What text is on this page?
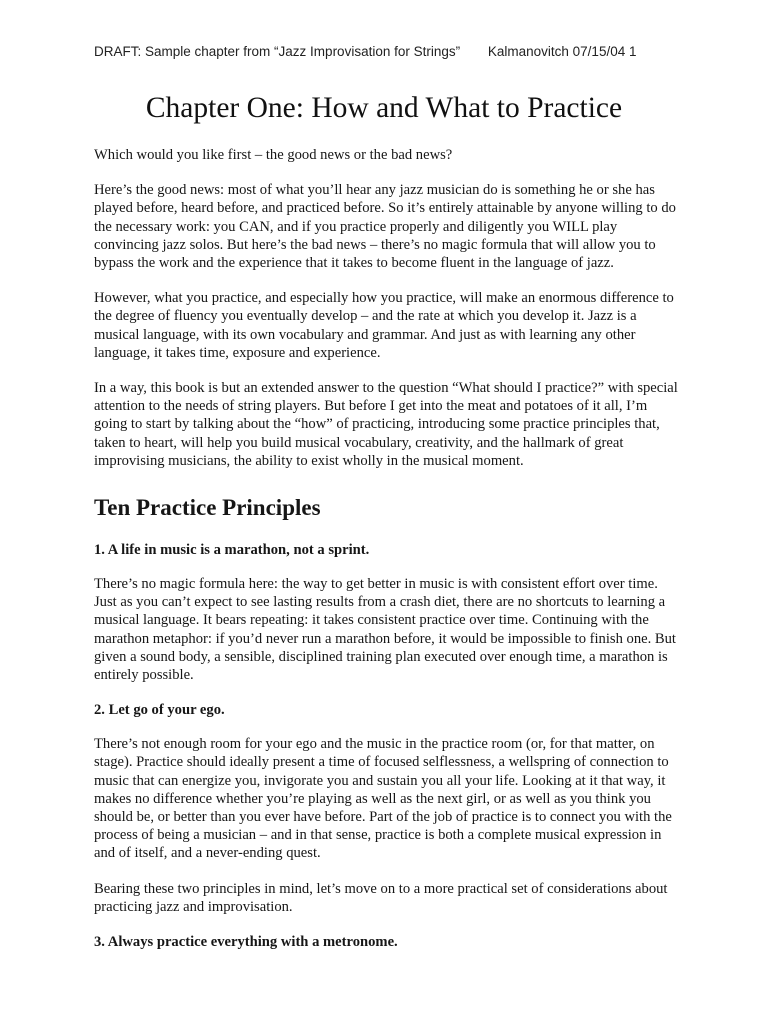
DRAFT: Sample chapter from “Jazz Improvisation for Strings” Kalmanovitch 07/15/04 1
Chapter One: How and What to Practice

Which would you like first – the good news or the bad news?

Here’s the good news: most of what you’ll hear any jazz musician do is something he or she has played before, heard before, and practiced before. So it’s entirely attainable by anyone willing to do the necessary work: you CAN, and if you practice properly and diligently you WILL play convincing jazz solos. But here’s the bad news – there’s no magic formula that will allow you to bypass the work and the experience that it takes to become fluent in the language of jazz.

However, what you practice, and especially how you practice, will make an enormous difference to the degree of fluency you eventually develop – and the rate at which you develop it. Jazz is a musical language, with its own vocabulary and grammar. And just as with learning any other language, it takes time, exposure and experience.

In a way, this book is but an extended answer to the question “What should I practice?” with special attention to the needs of string players. But before I get into the meat and potatoes of it all, I’m going to start by talking about the “how” of practicing, introducing some practice principles that, taken to heart, will help you build musical vocabulary, creativity, and the hallmark of great improvising musicians, the ability to exist wholly in the musical moment.

Ten Practice Principles
1. A life in music is a marathon, not a sprint.

There’s no magic formula here: the way to get better in music is with consistent effort over time. Just as you can’t expect to see lasting results from a crash diet, there are no shortcuts to learning a musical language. It bears repeating: it takes consistent practice over time. Continuing with the marathon metaphor: if you’d never run a marathon before, it would be impossible to finish one. But given a sound body, a sensible, disciplined training plan executed over enough time, a marathon is entirely possible.

2. Let go of your ego.

There’s not enough room for your ego and the music in the practice room (or, for that matter, on stage). Practice should ideally present a time of focused selflessness, a wellspring of connection to music that can energize you, invigorate you and sustain you all your life. Looking at it that way, it makes no difference whether you’re playing as well as the next girl, or as well as you think you should be, or better than you ever have before. Part of the job of practice is to connect you with the process of being a musician – and in that sense, practice is both a complete musical expression in and of itself, and a never-ending quest.

Bearing these two principles in mind, let’s move on to a more practical set of considerations about practicing jazz and improvisation.

3. Always practice everything with a metronome.
